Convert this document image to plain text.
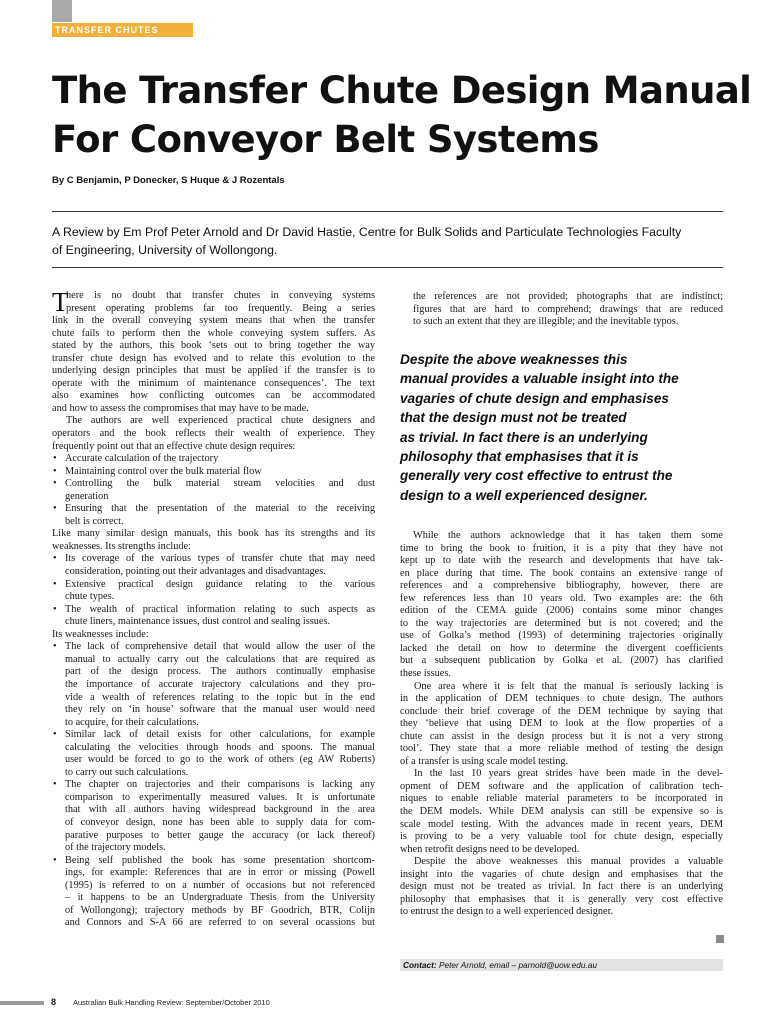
TRANSFER CHUTES
The Transfer Chute Design Manual
For Conveyor Belt Systems
By C Benjamin, P Donecker, S Huque & J Rozentals
A Review by Em Prof Peter Arnold and Dr David Hastie, Centre for Bulk Solids and Particulate Technologies Faculty
of Engineering, University of Wollongong.
T
here is no doubt that transfer chutes in conveying systems
present operating problems far too frequently. Being a series
link in the overall conveying system means that when the transfer
chute fails to perform then the whole conveying system suffers. As
stated by the authors, this book ‘sets out to bring together the way
transfer chute design has evolved and to relate this evolution to the
underlying design principles that must be applied if the transfer is to
operate with the minimum of maintenance consequences’. The text
also examines how conflicting outcomes can be accommodated
and how to assess the compromises that may have to be made.
The authors are well experienced practical chute designers and
operators and the book reflects their wealth of experience. They
frequently point out that an effective chute design requires:
• Accurate calculation of the trajectory
• Maintaining control over the bulk material flow
• Controlling the bulk material stream velocities and dust
generation
• Ensuring that the presentation of the material to the receiving
belt is correct.
Like many similar design manuals, this book has its strengths and its
weaknesses. Its strengths include:
• Its coverage of the various types of transfer chute that may need
consideration, pointing out their advantages and disadvantages.
• Extensive practical design guidance relating to the various
chute types.
• The wealth of practical information relating to such aspects as
chute liners, maintenance issues, dust control and sealing issues.
Its weaknesses include:
• The lack of comprehensive detail that would allow the user of the
manual to actually carry out the calculations that are required as
part of the design process. The authors continually emphasise
the importance of accurate trajectory calculations and they pro-
vide a wealth of references relating to the topic but in the end
they rely on ‘in house’ software that the manual user would need
to acquire, for their calculations.
• Similar lack of detail exists for other calculations, for example
calculating the velocities through hoods and spoons. The manual
user would be forced to go to the work of others (eg AW Roberts)
to carry out such calculations.
• The chapter on trajectories and their comparisons is lacking any
comparison to experimentally measured values. It is unfortunate
that with all authors having widespread background in the area
of conveyor design, none has been able to supply data for com-
parative purposes to better gauge the accuracy (or lack thereof)
of the trajectory models.
• Being self published the book has some presentation shortcom-
ings, for example: References that are in error or missing (Powell
(1995) is referred to on a number of occasions but not referenced
– it happens to be an Undergraduate Thesis from the University
of Wollongong); trajectory methods by BF Goodrich, BTR, Colijn
and Connors and S-A 66 are referred to on several ocassions but
the references are not provided; photographs that are indistinct;
figures that are hard to comprehend; drawings that are reduced
to such an extent that they are illegible; and the inevitable typos.
Despite the above weaknesses this
manual provides a valuable insight into the
vagaries of chute design and emphasises
that the design must not be treated
as trivial. In fact there is an underlying
philosophy that emphasises that it is
generally very cost effective to entrust the
design to a well experienced designer.
While the authors acknowledge that it has taken them some
time to bring the book to fruition, it is a pity that they have not
kept up to date with the research and developments that have tak-
en place during that time. The book contains an extensive range of
references and a comprehensive bibliography, however, there are
few references less than 10 years old. Two examples are: the 6th
edition of the CEMA guide (2006) contains some minor changes
to the way trajectories are determined but is not covered; and the
use of Golka’s method (1993) of determining trajectories originally
lacked the detail on how to determine the divergent coefficients
but a subsequent publication by Golka et al. (2007) has clarified
these issues.
One area where it is felt that the manual is seriously lacking is
in the application of DEM techniques to chute design. The authors
conclude their brief coverage of the DEM technique by saying that
they ‘believe that using DEM to look at the flow properties of a
chute can assist in the design process but it is not a very strong
tool’. They state that a more reliable method of testing the design
of a transfer is using scale model testing.
In the last 10 years great strides have been made in the devel-
opment of DEM software and the application of calibration tech-
niques to enable reliable material parameters to be incorporated in
the DEM models. While DEM analysis can still be expensive so is
scale model testing. With the advances made in recent years, DEM
is proving to be a very valuable tool for chute design, especially
when retrofit designs need to be developed.
Despite the above weaknesses this manual provides a valuable
insight into the vagaries of chute design and emphasises that the
design must not be treated as trivial. In fact there is an underlying
philosophy that emphasises that it is generally very cost effective
to entrust the design to a well experienced designer.
Contact: Peter Arnold, email – parnold@uow.edu.au
8 Australian Bulk Handling Review: September/October 2010
